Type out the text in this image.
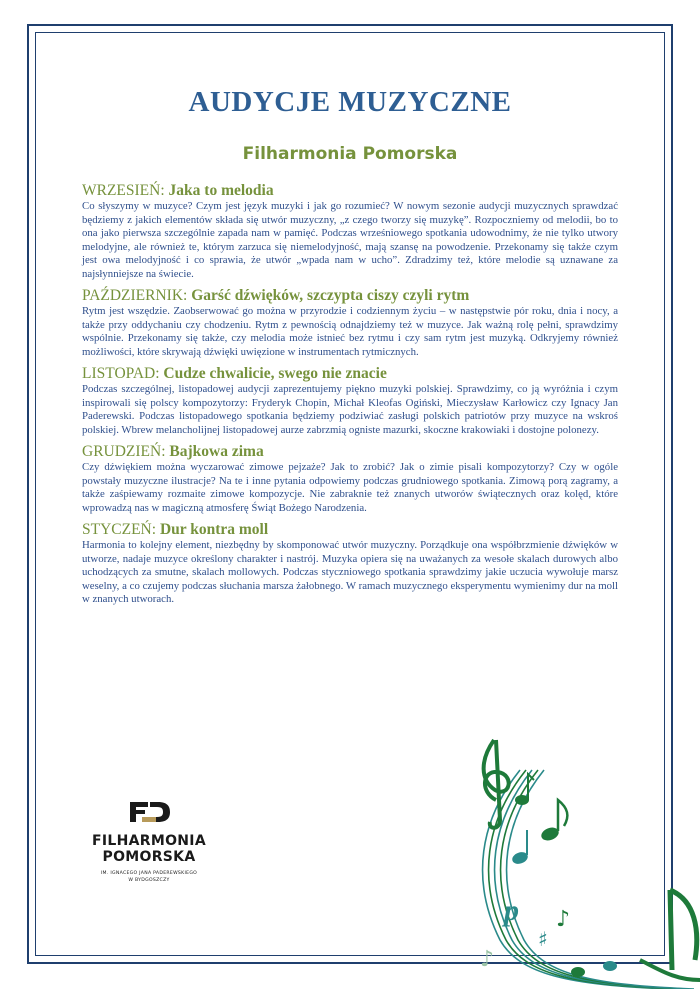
AUDYCJE MUZYCZNE
Filharmonia Pomorska

WRZESIEŃ: Jaka to melodia

Co słyszymy w muzyce? Czym jest język muzyki i jak go rozumieć? W nowym sezonie audycji muzycznych sprawdzać będziemy z jakich elementów składa się utwór muzyczny, „z czego tworzy się muzykę”. Rozpoczniemy od melodii, bo to ona jako pierwsza szczególnie zapada nam w pamięć. Podczas wrześniowego spotkania udowodnimy, że nie tylko utwory melodyjne, ale również te, którym zarzuca się niemelodyjność, mają szansę na powodzenie. Przekonamy się także czym jest owa melodyjność i co sprawia, że utwór „wpada nam w ucho”. Zdradzimy też, które melodie są uznawane za najsłynniejsze na świecie.

PAŹDZIERNIK: Garść dźwięków, szczypta ciszy czyli rytm

Rytm jest wszędzie. Zaobserwować go można w przyrodzie i codziennym życiu – w następstwie pór roku, dnia i nocy, a także przy oddychaniu czy chodzeniu. Rytm z pewnością odnajdziemy też w muzyce. Jak ważną rolę pełni, sprawdzimy wspólnie. Przekonamy się także, czy melodia może istnieć bez rytmu i czy sam rytm jest muzyką. Odkryjemy również możliwości, które skrywają dźwięki uwięzione w instrumentach rytmicznych.

LISTOPAD: Cudze chwalicie, swego nie znacie

Podczas szczególnej, listopadowej audycji zaprezentujemy piękno muzyki polskiej. Sprawdzimy, co ją wyróżnia i czym inspirowali się polscy kompozytorzy: Fryderyk Chopin, Michał Kleofas Ogiński, Mieczysław Karłowicz czy Ignacy Jan Paderewski. Podczas listopadowego spotkania będziemy podziwiać zasługi polskich patriotów przy muzyce na wskroś polskiej. Wbrew melancholijnej listopadowej aurze zabrzmią ogniste mazurki, skoczne krakowiaki i dostojne polonezy.

GRUDZIEŃ: Bajkowa zima

Czy dźwiękiem można wyczarować zimowe pejzaże? Jak to zrobić? Jak o zimie pisali kompozytorzy? Czy w ogóle powstały muzyczne ilustracje? Na te i inne pytania odpowiemy podczas grudniowego spotkania. Zimową porą zagramy, a także zaśpiewamy rozmaite zimowe kompozycje. Nie zabraknie też znanych utworów świątecznych oraz kolęd, które wprowadzą nas w magiczną atmosferę Świąt Bożego Narodzenia.

STYCZEŃ: Dur kontra moll

Harmonia to kolejny element, niezbędny by skomponować utwór muzyczny. Porządkuje ona współbrzmienie dźwięków w utworze, nadaje muzyce określony charakter i nastrój. Muzyka opiera się na uważanych za wesołe skalach durowych albo uchodzących za smutne, skalach mollowych. Podczas styczniowego spotkania sprawdzimy jakie uczucia wywołuje marsz weselny, a co czujemy podczas słuchania marsza żałobnego. W ramach muzycznego eksperymentu wymienimy dur na moll w znanych utworach.

FILHARMONIA
POMORSKA
IM. IGNACEGO JANA PADEREWSKIEGO
W BYDGOSZCZY
p
♯
♪
♪
